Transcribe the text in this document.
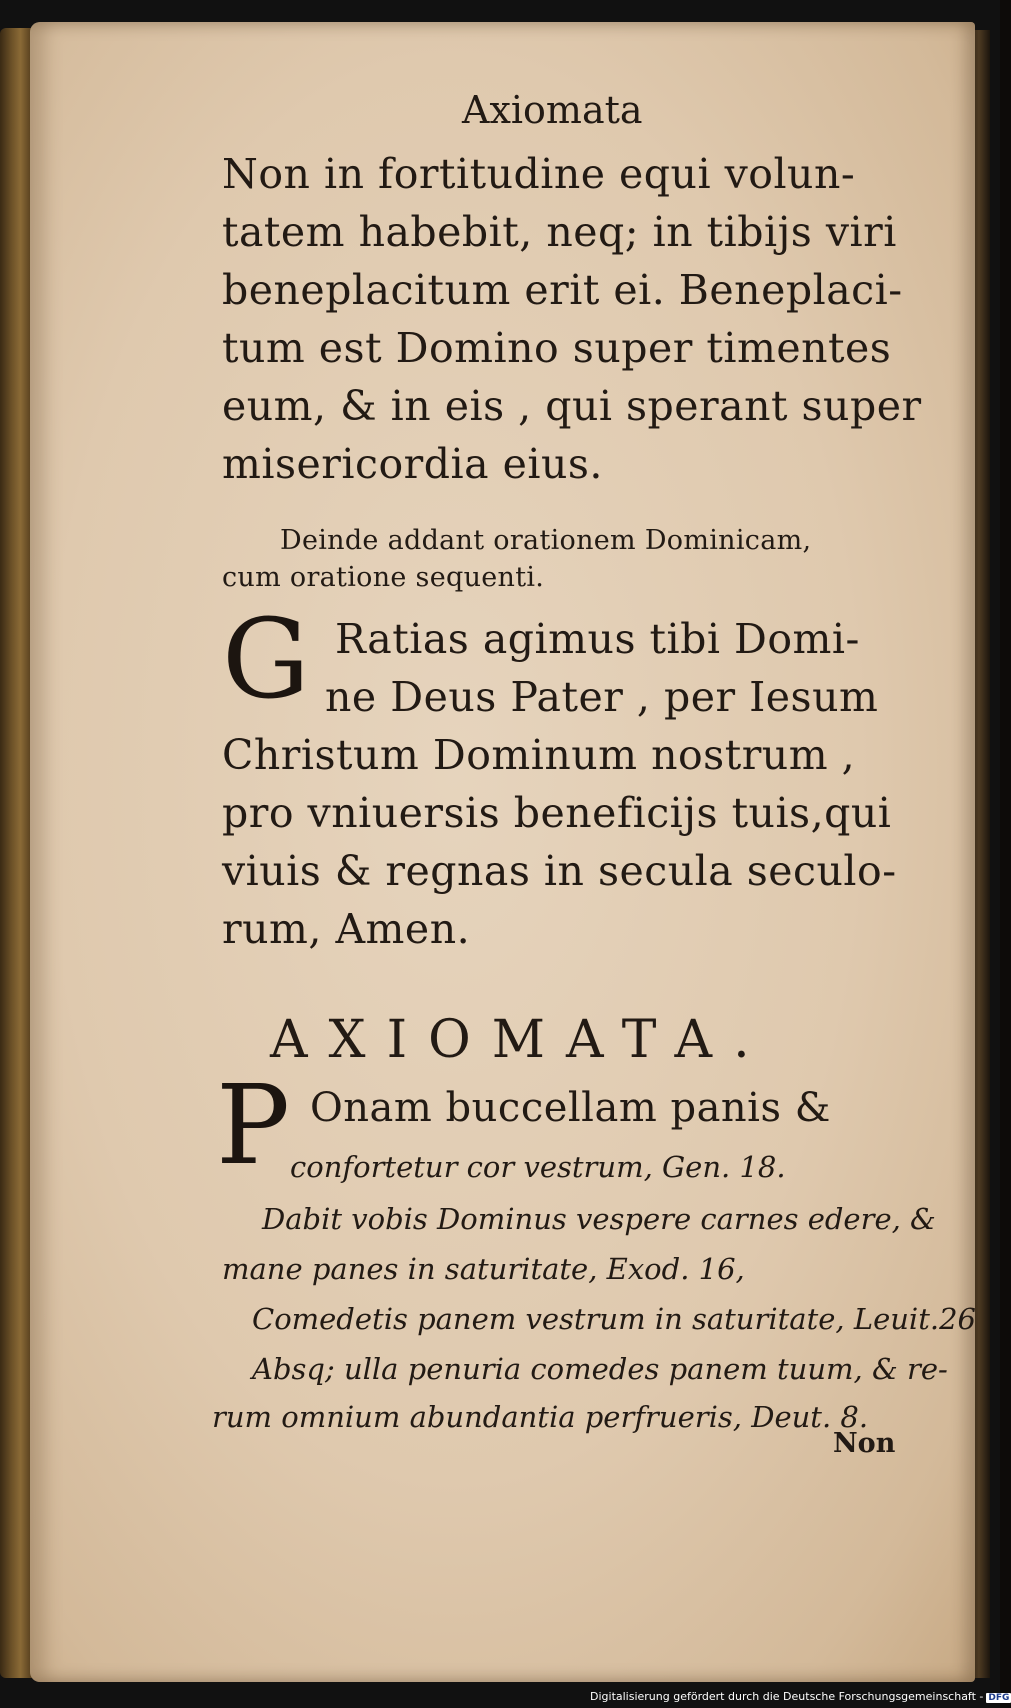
Axiomata
Non in fortitudine equi volun-
tatem habebit, neq; in tibijs viri
beneplacitum erit ei. Beneplaci-
tum est Domino super timentes
eum, & in eis , qui sperant super
misericordia eius.
Deinde addant orationem Dominicam,
cum oratione sequenti.
G Ratias agimus tibi Domi-
ne Deus Pater , per Iesum
Christum Dominum nostrum ,
pro vniuersis beneficijs tuis,qui
viuis & regnas in secula seculo-
rum, Amen.
AXIOMATA.
P Onam buccellam panis &
confortetur cor vestrum, Gen. 18.
Dabit vobis Dominus vespere carnes edere, &
mane panes in saturitate, Exod. 16,
Comedetis panem vestrum in saturitate, Leuit.26
Absq; ulla penuria comedes panem tuum, & re-
rum omnium abundantia perfrueris, Deut. 8.
Non
Digitalisierung gefördert durch die Deutsche Forschungsgemeinschaft - DFG
